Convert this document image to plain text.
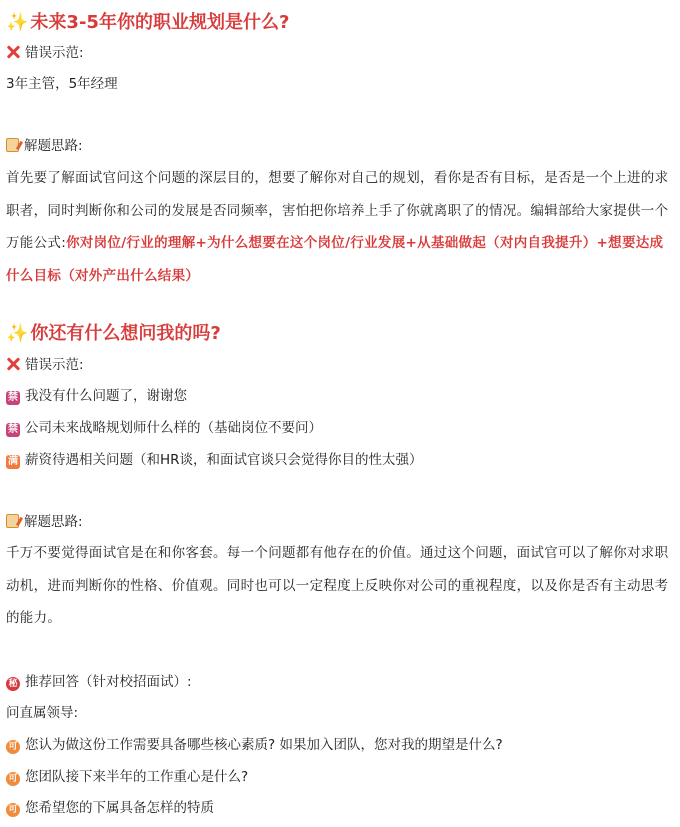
✨ 未来3-5年你的职业规划是什么?
错误示范:
3年主管，5年经理
解题思路:
首先要了解面试官问这个问题的深层目的，想要了解你对自己的规划，看你是否有目标，是否是一个上进的求职者，同时判断你和公司的发展是否同频率，害怕把你培养上手了你就离职了的情况。编辑部给大家提供一个万能公式:你对岗位/行业的理解+为什么想要在这个岗位/行业发展+从基础做起（对内自我提升）+想要达成什么目标（对外产出什么结果）
✨ 你还有什么想问我的吗?
错误示范:
禁 我没有什么问题了，谢谢您
禁 公司未来战略规划师什么样的（基础岗位不要问）
满 薪资待遇相关问题（和HR谈，和面试官谈只会觉得你目的性太强）
解题思路:
千万不要觉得面试官是在和你客套。每一个问题都有他存在的价值。通过这个问题，面试官可以了解你对求职动机，进而判断你的性格、价值观。同时也可以一定程度上反映你对公司的重视程度，以及你是否有主动思考的能力。
秘 推荐回答（针对校招面试）:
问直属领导:
可 您认为做这份工作需要具备哪些核心素质? 如果加入团队，您对我的期望是什么?
可 您团队接下来半年的工作重心是什么?
可 您希望您的下属具备怎样的特质
